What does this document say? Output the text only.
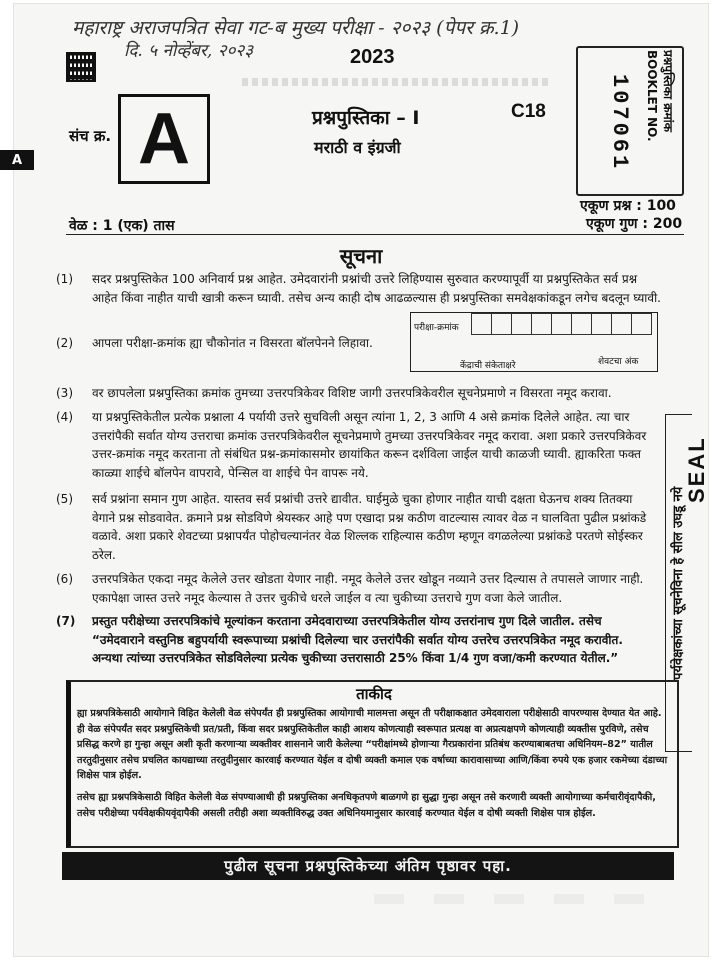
महाराष्ट्र अराजपत्रित सेवा गट-ब मुख्य परीक्षा - २०२३ (पेपर क्र.1)
दि. ५ नोव्हेंबर, २०२३	2023
संच क्र. A	प्रश्नपुस्तिका – I
मराठी व इंग्रजी
C18	प्रश्नपुस्तिका क्रमांक BOOKLET NO.
107061
एकूण प्रश्न : 100
एकूण गुण : 200
वेळ : 1 (एक) तास
सूचना
(1)	सदर प्रश्नपुस्तिकेत 100 अनिवार्य प्रश्न आहेत. उमेदवारांनी प्रश्नांची उत्तरे लिहिण्यास सुरुवात करण्यापूर्वी या प्रश्नपुस्तिकेत सर्व प्रश्न आहेत किंवा नाहीत याची खात्री करून घ्यावी. तसेच अन्य काही दोष आढळल्यास ही प्रश्नपुस्तिका समवेक्षकांकडून लगेच बदलून घ्यावी.
(2)	आपला परीक्षा-क्रमांक ह्या चौकोनांत न विसरता बॉलपेनने लिहावा.
परीक्षा-क्रमांक
केंद्राची संकेताक्षरे	शेवटचा अंक
(3)	वर छापलेला प्रश्नपुस्तिका क्रमांक तुमच्या उत्तरपत्रिकेवर विशिष्ट जागी उत्तरपत्रिकेवरील सूचनेप्रमाणे न विसरता नमूद करावा.
(4)	या प्रश्नपुस्तिकेतील प्रत्येक प्रश्नाला 4 पर्यायी उत्तरे सुचविली असून त्यांना 1, 2, 3 आणि 4 असे क्रमांक दिलेले आहेत. त्या चार उत्तरांपैकी सर्वात योग्य उत्तराचा क्रमांक उत्तरपत्रिकेवरील सूचनेप्रमाणे तुमच्या उत्तरपत्रिकेवर नमूद करावा. अशा प्रकारे उत्तरपत्रिकेवर उत्तर-क्रमांक नमूद करताना तो संबंधित प्रश्न-क्रमांकासमोर छायांकित करून दर्शविला जाईल याची काळजी घ्यावी. ह्याकरिता फक्त काळ्या शाईचे बॉलपेन वापरावे, पेन्सिल वा शाईचे पेन वापरू नये.
(5)	सर्व प्रश्नांना समान गुण आहेत. यास्तव सर्व प्रश्नांची उत्तरे द्यावीत. घाईमुळे चुका होणार नाहीत याची दक्षता घेऊनच शक्य तितक्या वेगाने प्रश्न सोडवावेत. क्रमाने प्रश्न सोडविणे श्रेयस्कर आहे पण एखादा प्रश्न कठीण वाटल्यास त्यावर वेळ न घालविता पुढील प्रश्नांकडे वळावे. अशा प्रकारे शेवटच्या प्रश्नापर्यंत पोहोचल्यानंतर वेळ शिल्लक राहिल्यास कठीण म्हणून वगळलेल्या प्रश्नांकडे परतणे सोईस्कर ठरेल.
(6)	उत्तरपत्रिकेत एकदा नमूद केलेले उत्तर खोडता येणार नाही. नमूद केलेले उत्तर खोडून नव्याने उत्तर दिल्यास ते तपासले जाणार नाही. एकापेक्षा जास्त उत्तरे नमूद केल्यास ते उत्तर चुकीचे धरले जाईल व त्या चुकीच्या उत्तराचे गुण वजा केले जातील.
(7)	प्रस्तुत परीक्षेच्या उत्तरपत्रिकांचे मूल्यांकन करताना उमेदवाराच्या उत्तरपत्रिकेतील योग्य उत्तरांनाच गुण दिले जातील. तसेच “उमेदवाराने वस्तुनिष्ठ बहुपर्यायी स्वरूपाच्या प्रश्नांची दिलेल्या चार उत्तरांपैकी सर्वात योग्य उत्तरेच उत्तरपत्रिकेत नमूद करावीत. अन्यथा त्यांच्या उत्तरपत्रिकेत सोडविलेल्या प्रत्येक चुकीच्या उत्तरासाठी 25% किंवा 1/4 गुण वजा/कमी करण्यात येतील.”	पर्यवेक्षकांच्या सूचनेविना हे सील उघडू नये
ताकीद
ह्या प्रश्नपत्रिकेसाठी आयोगाने विहित केलेली वेळ संपेपर्यंत ही प्रश्नपुस्तिका आयोगाची मालमत्ता असून ती परीक्षाकक्षात उमेदवाराला परीक्षेसाठी वापरण्यास देण्यात येत आहे. ही वेळ संपेपर्यंत सदर प्रश्नपुस्तिकेची प्रत/प्रती, किंवा सदर प्रश्नपुस्तिकेतील काही आशय कोणत्याही स्वरूपात प्रत्यक्ष वा अप्रत्यक्षपणे कोणत्याही व्यक्तीस पुरविणे, तसेच प्रसिद्ध करणे हा गुन्हा असून अशी कृती करणाऱ्या व्यक्तीवर शासनाने जारी केलेल्या “परीक्षांमध्ये होणाऱ्या गैरप्रकारांना प्रतिबंध करण्याबाबतचा अधिनियम–82” यातील तरतुदीनुसार तसेच प्रचलित कायद्याच्या तरतुदीनुसार कारवाई करण्यात येईल व दोषी व्यक्ती कमाल एक वर्षाच्या कारावासाच्या आणि/किंवा रुपये एक हजार रकमेच्या दंडाच्या शिक्षेस पात्र होईल.
तसेच ह्या प्रश्नपत्रिकेसाठी विहित केलेली वेळ संपण्याआधी ही प्रश्नपुस्तिका अनधिकृतपणे बाळगणे हा सुद्धा गुन्हा असून तसे करणारी व्यक्ती आयोगाच्या कर्मचारीवृंदापैकी, तसेच परीक्षेच्या पर्यवेक्षकीयवृंदापैकी असली तरीही अशा व्यक्तीविरुद्ध उक्त अधिनियमानुसार कारवाई करण्यात येईल व दोषी व्यक्ती शिक्षेस पात्र होईल.
पुढील सूचना प्रश्नपुस्तिकेच्या अंतिम पृष्ठावर पहा.
A
SEAL
